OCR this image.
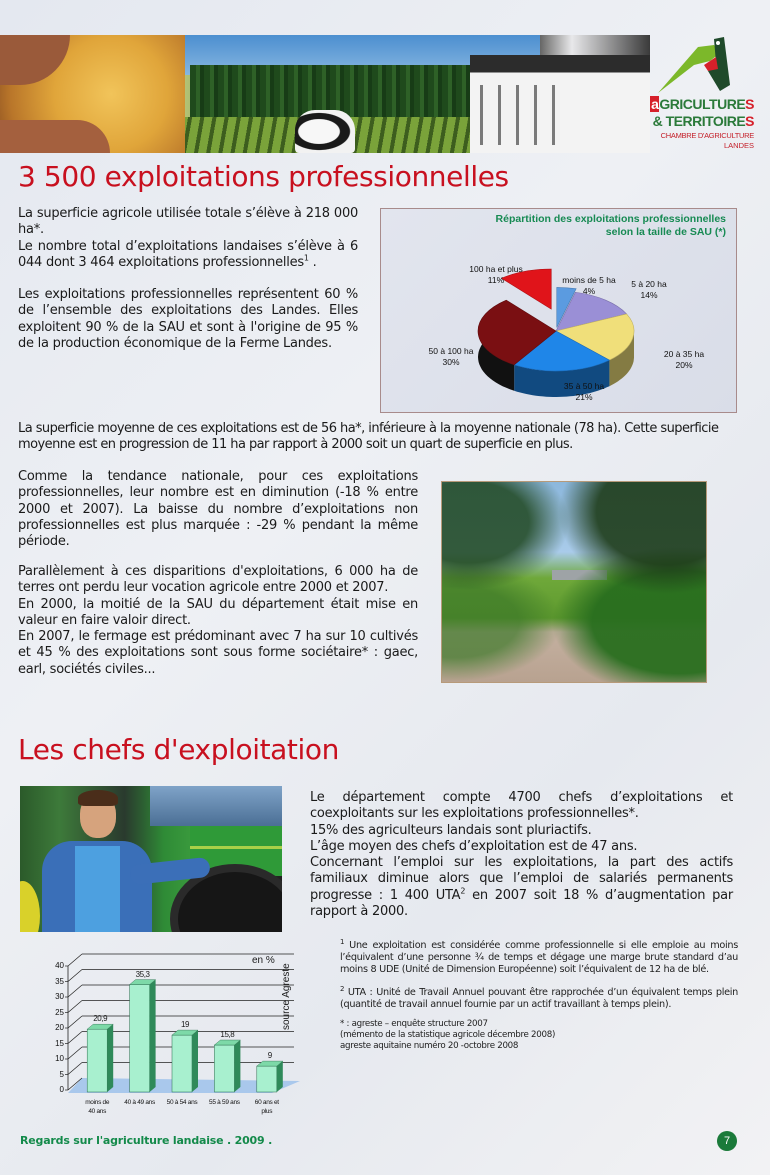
aGRICULTURES
& TERRITOIRES
CHAMBRE D'AGRICULTURE
LANDES
3 500 exploitations professionnelles

La superficie agricole utilisée totale s’élève à 218 000 ha*.
Le nombre total d’exploitations landaises s’élève à 6 044 dont 3 464 exploitations professionnelles$^1$ .

Les exploitations professionnelles représentent 60 % de l’ensemble des exploitations des Landes. Elles exploitent 90 % de la SAU et sont à l'origine de 95 % de la production économique de la Ferme Landes.

Répartition des exploitations professionnelles
selon la taille de SAU (*)
100 ha et plus
11%	moins de 5 ha
4%
5 à 20 ha
14%
20 à 35 ha
20%
35 à 50 ha
21%
50 à 100 ha
30%

La superficie moyenne de ces exploitations est de 56 ha*, inférieure à la moyenne nationale (78 ha). Cette superficie moyenne est en progression de 11 ha par rapport à 2000 soit un quart de superficie en plus.

Comme la tendance nationale, pour ces exploitations professionnelles, leur nombre est en diminution (-18 % entre 2000 et 2007). La baisse du nombre d’exploitations non professionnelles est plus marquée : -29 % pendant la même période.

Parallèlement à ces disparitions d'exploitations, 6 000 ha de terres ont perdu leur vocation agricole entre 2000 et 2007.

En 2000, la moitié de la SAU du département était mise en valeur en faire valoir direct.

En 2007, le fermage est prédominant avec 7 ha sur 10 cultivés et 45 % des exploitations sont sous forme sociétaire* : gaec, earl, sociétés civiles...

Les chefs d'exploitation

Le département compte 4700 chefs d’exploitations et coexploitants sur les exploitations professionnelles*.

15% des agriculteurs landais sont pluriactifs.

L’âge moyen des chefs d’exploitation est de 47 ans.

Concernant l’emploi sur les exploitations, la part des actifs familiaux diminue alors que l’emploi de salariés permanents progresse : 1 400 UTA$^2$ en 2007 soit 18 % d’augmentation par rapport à 2000.

en %
0
5
10
15
20
25
30
35
40
20,9
moins de
40 ans
35,3
40 à 49 ans
19
50 à 54 ans
15,8
55 à 59 ans
9
60 ans et
plus
source Agreste

$^1$ Une exploitation est considérée comme professionnelle si elle emploie au moins l’équivalent d’une personne ¾ de temps et dégage une marge brute standard d’au moins 8 UDE (Unité de Dimension Européenne) soit l’équivalent de 12 ha de blé.

$^2$ UTA : Unité de Travail Annuel pouvant être rapprochée d’un équivalent temps plein (quantité de travail annuel fournie par un actif travaillant à temps plein).

* : agreste – enquête structure 2007

(mémento de la statistique agricole décembre 2008)

agreste aquitaine numéro 20 -octobre 2008

Regards sur l'agriculture landaise . 2009 .	7
